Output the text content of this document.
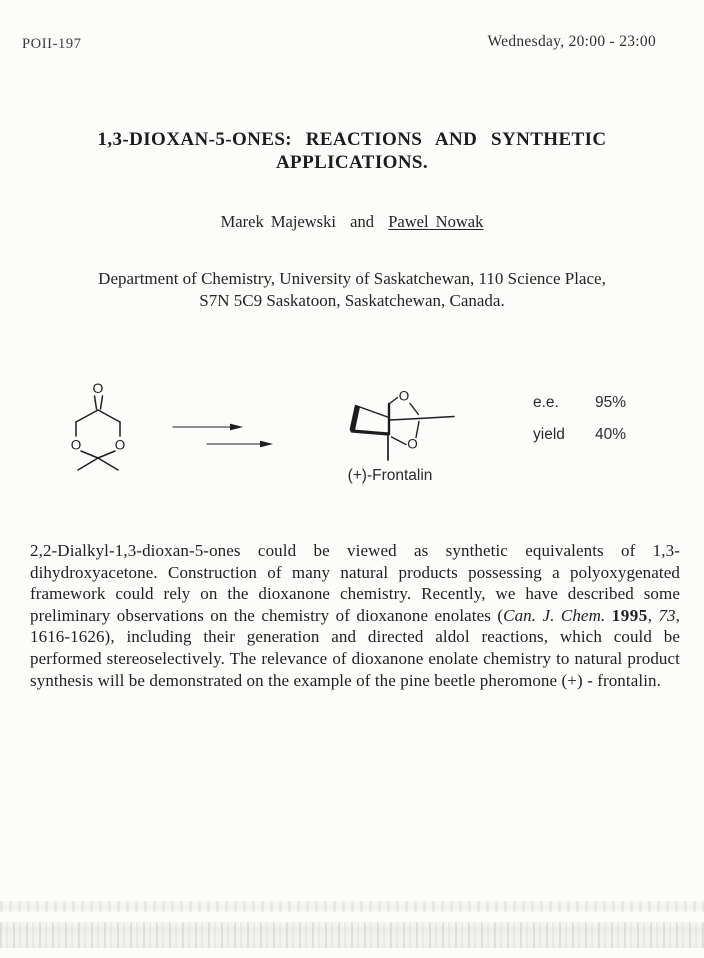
POII-197	Wednesday, 20:00 - 23:00
1,3-DIOXAN-5-ONES: REACTIONS AND SYNTHETIC
APPLICATIONS.
Marek Majewski  and  Pawel Nowak
Department of Chemistry, University of Saskatchewan, 110 Science Place,
S7N 5C9 Saskatoon, Saskatchewan, Canada.
O
O O
O
O
(+)-Frontalin
e.e.	95%
yield	40%

2,2-Dialkyl-1,3-dioxan-5-ones could be viewed as synthetic equivalents of 1,3-dihydroxyacetone. Construction of many natural products possessing a polyoxygenated framework could rely on the dioxanone chemistry. Recently, we have described some preliminary observations on the chemistry of dioxanone enolates (Can. J. Chem. 1995, 73, 1616-1626), including their generation and directed aldol reactions, which could be performed stereoselectively. The relevance of dioxanone enolate chemistry to natural product synthesis will be demonstrated on the example of the pine beetle pheromone (+) - frontalin.
